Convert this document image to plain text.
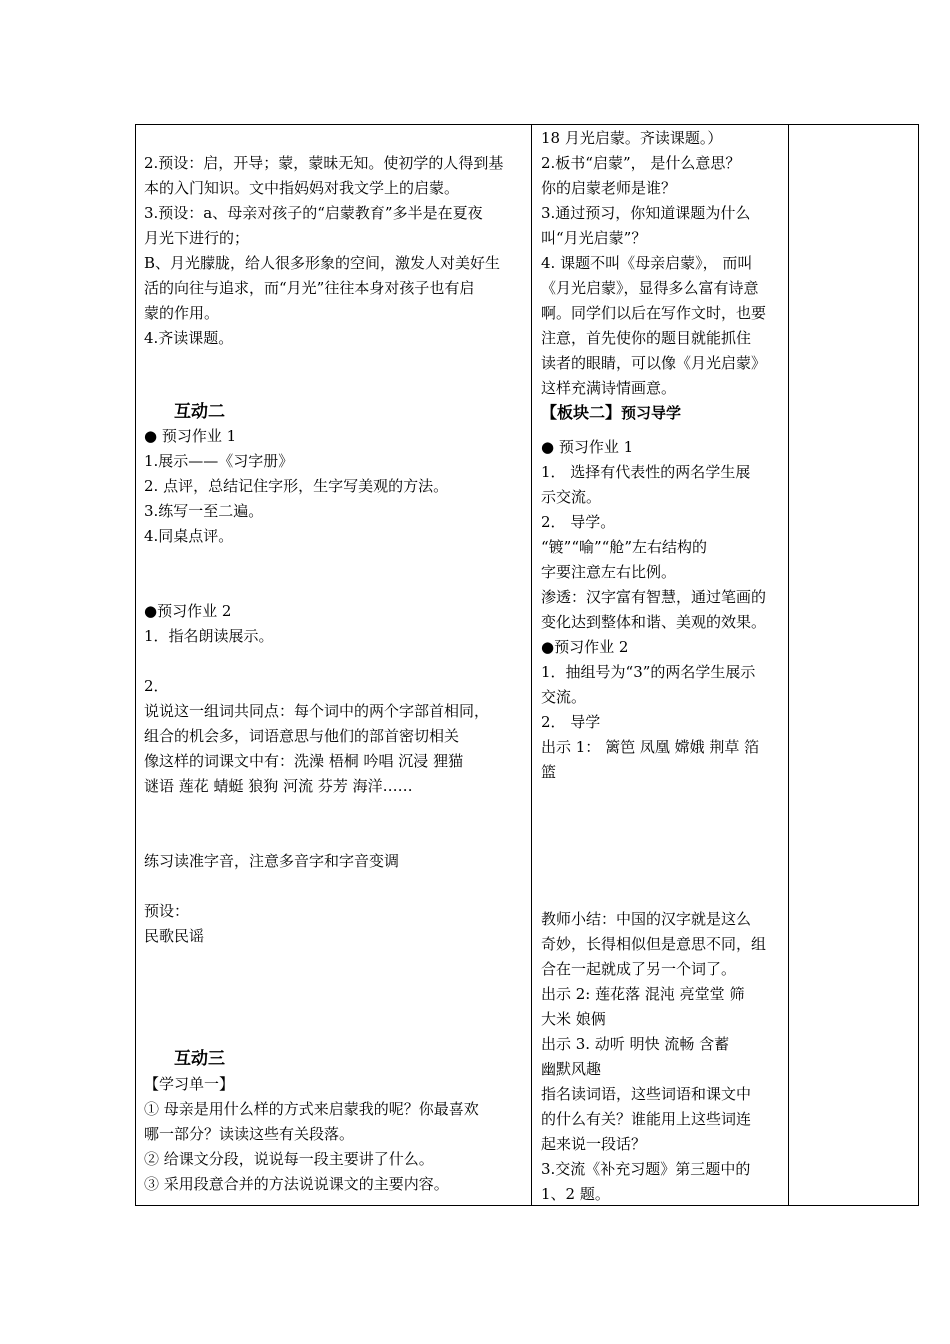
2.预设：启，开导；蒙，蒙昧无知。使初学的人得到基
本的入门知识。文中指妈妈对我文学上的启蒙。
3.预设：a、母亲对孩子的“启蒙教育”多半是在夏夜
月光下进行的；
B、月光朦胧，给人很多形象的空间，激发人对美好生
活的向往与追求，而“月光”往往本身对孩子也有启
蒙的作用。
4.齐读课题。
互动二
● 预习作业 1
1.展示——《习字册》
2. 点评，总结记住字形，生字写美观的方法。
3.练写一至二遍。
4.同桌点评。
●预习作业 2
1．指名朗读展示。
2．
说说这一组词共同点：每个词中的两个字部首相同，
组合的机会多，词语意思与他们的部首密切相关
像这样的词课文中有：洗澡 梧桐 吟唱 沉浸 狸猫
谜语 莲花 蜻蜓 狼狗 河流 芬芳 海洋……
练习读准字音，注意多音字和字音变调
预设：
民歌民谣
互动三
【学习单一】
① 母亲是用什么样的方式来启蒙我的呢？你最喜欢
哪一部分？读读这些有关段落。
② 给课文分段，说说每一段主要讲了什么。
③ 采用段意合并的方法说说课文的主要内容。
18 月光启蒙。齐读课题。）
2.板书“启蒙”， 是什么意思？
你的启蒙老师是谁？
3.通过预习，你知道课题为什么
叫“月光启蒙”？
4. 课题不叫《母亲启蒙》， 而叫
《月光启蒙》，显得多么富有诗意
啊。同学们以后在写作文时，也要
注意，首先使你的题目就能抓住
读者的眼睛，可以像《月光启蒙》
这样充满诗情画意。
【板块二】预习导学
● 预习作业 1
1． 选择有代表性的两名学生展
示交流。
2． 导学。
“镀”“喻”“舱”左右结构的
字要注意左右比例。
渗透：汉字富有智慧，通过笔画的
变化达到整体和谐、美观的效果。
●预习作业 2
1．抽组号为“3”的两名学生展示
交流。
2． 导学
出示 1： 篱笆 凤凰 嫦娥 荆草 箔
篮
教师小结：中国的汉字就是这么
奇妙，长得相似但是意思不同，组
合在一起就成了另一个词了。
出示 2: 莲花落 混沌 亮堂堂 筛
大米 娘俩
出示 3. 动听 明快 流畅 含蓄
幽默风趣
指名读词语，这些词语和课文中
的什么有关？谁能用上这些词连
起来说一段话？
3.交流《补充习题》第三题中的
1、2 题。
